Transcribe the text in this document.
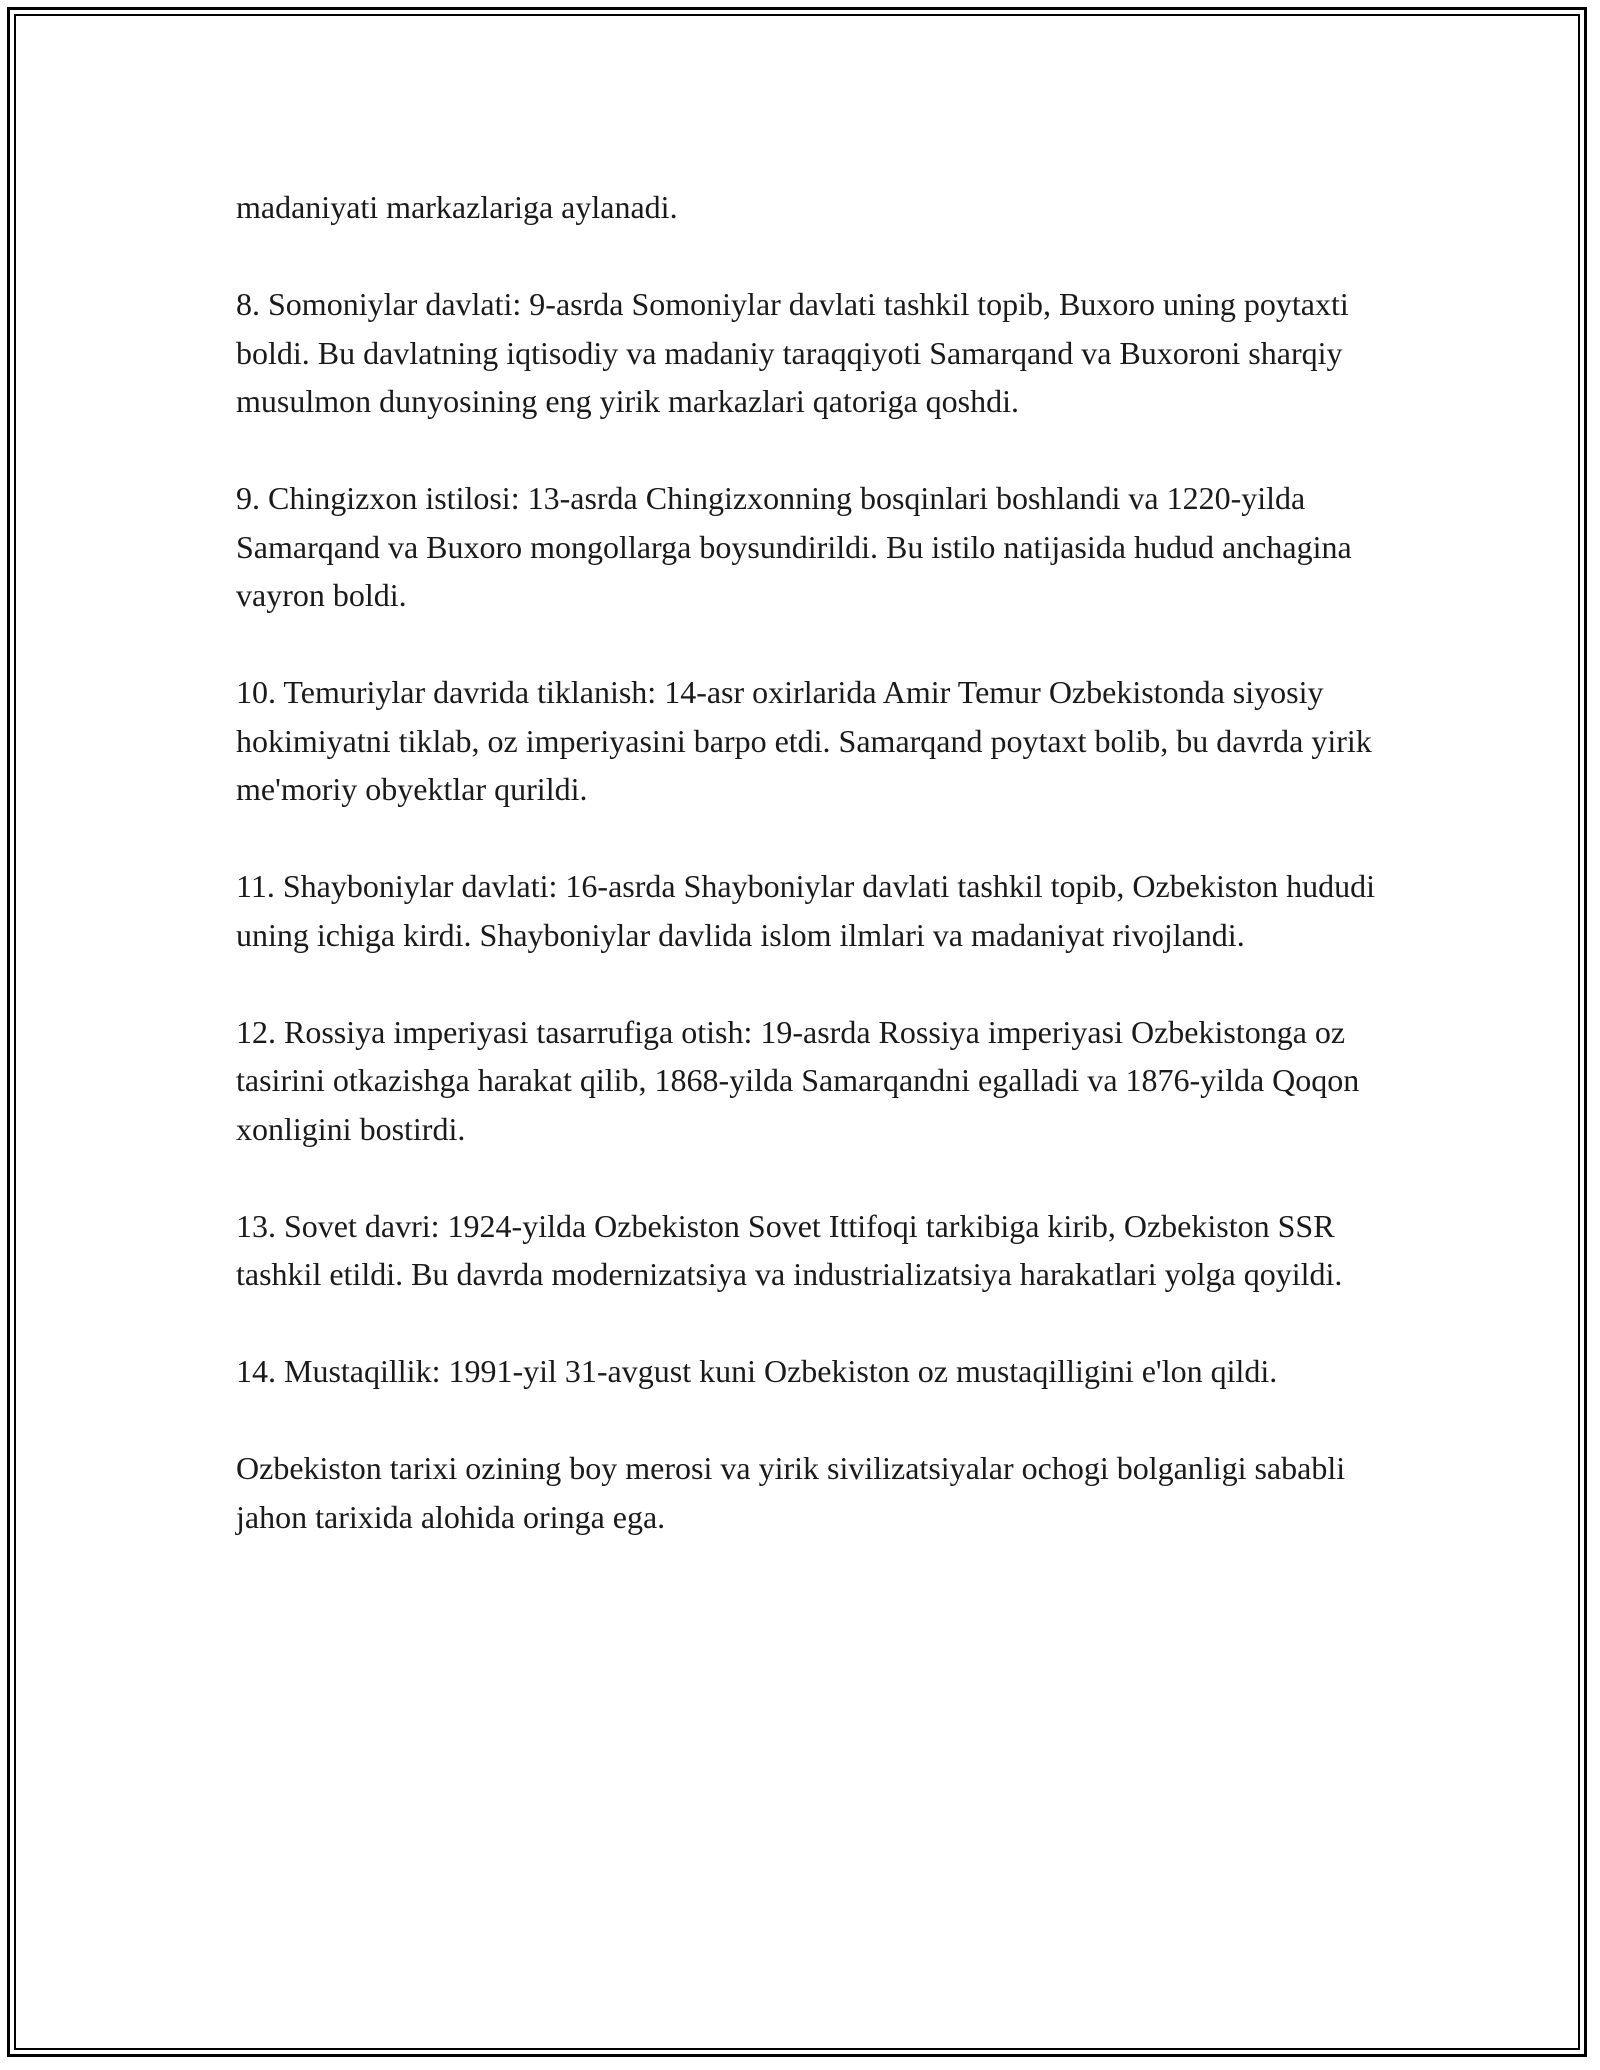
madaniyati markazlariga aylanadi.

8. Somoniylar davlati: 9-asrda Somoniylar davlati tashkil topib, Buxoro uning poytaxti boldi. Bu davlatning iqtisodiy va madaniy taraqqiyoti Samarqand va Buxoroni sharqiy musulmon dunyosining eng yirik markazlari qatoriga qoshdi.

9. Chingizxon istilosi: 13-asrda Chingizxonning bosqinlari boshlandi va 1220-yilda Samarqand va Buxoro mongollarga boysundirildi. Bu istilo natijasida hudud anchagina vayron boldi.

10. Temuriylar davrida tiklanish: 14-asr oxirlarida Amir Temur Ozbekistonda siyosiy hokimiyatni tiklab, oz imperiyasini barpo etdi. Samarqand poytaxt bolib, bu davrda yirik me'moriy obyektlar qurildi.

11. Shayboniylar davlati: 16-asrda Shayboniylar davlati tashkil topib, Ozbekiston hududi uning ichiga kirdi. Shayboniylar davlida islom ilmlari va madaniyat rivojlandi.

12. Rossiya imperiyasi tasarrufiga otish: 19-asrda Rossiya imperiyasi Ozbekistonga oz tasirini otkazishga harakat qilib, 1868-yilda Samarqandni egalladi va 1876-yilda Qoqon xonligini bostirdi.

13. Sovet davri: 1924-yilda Ozbekiston Sovet Ittifoqi tarkibiga kirib, Ozbekiston SSR tashkil etildi. Bu davrda modernizatsiya va industrializatsiya harakatlari yolga qoyildi.

14. Mustaqillik: 1991-yil 31-avgust kuni Ozbekiston oz mustaqilligini e'lon qildi.

Ozbekiston tarixi ozining boy merosi va yirik sivilizatsiyalar ochogi bolganligi sababli jahon tarixida alohida oringa ega.
